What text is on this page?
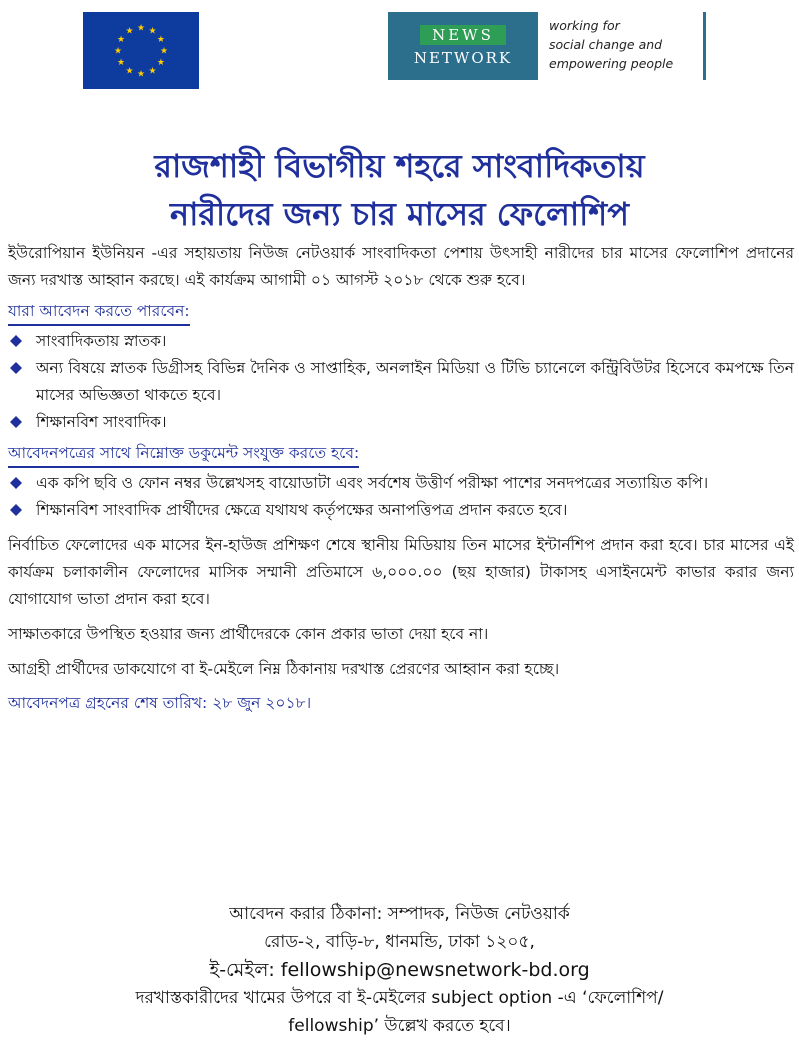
★ ★
★
★
★
★
★
★
★
★
★
★	NEWS
NETWORK
working for
social change and
empowering people
রাজশাহী বিভাগীয় শহরে সাংবাদিকতায়
নারীদের জন্য চার মাসের ফেলোশিপ

ইউরোপিয়ান ইউনিয়ন -এর সহায়তায় নিউজ নেটওয়ার্ক সাংবাদিকতা পেশায় উৎসাহী নারীদের চার মাসের ফেলোশিপ প্রদানের জন্য দরখাস্ত আহ্বান করছে। এই কার্যক্রম আগামী ০১ আগস্ট ২০১৮ থেকে শুরু হবে।

যারা আবেদন করতে পারবেন:
সাংবাদিকতায় স্নাতক।
অন্য বিষয়ে স্নাতক ডিগ্রীসহ বিভিন্ন দৈনিক ও সাপ্তাহিক, অনলাইন মিডিয়া ও টিভি চ্যানেলে কন্ট্রিবিউটর হিসেবে কমপক্ষে তিন মাসের অভিজ্ঞতা থাকতে হবে।
শিক্ষানবিশ সাংবাদিক।
আবেদনপত্রের সাথে নিম্নোক্ত ডকুমেন্ট সংযুক্ত করতে হবে:
এক কপি ছবি ও ফোন নম্বর উল্লেখসহ বায়োডাটা এবং সর্বশেষ উত্তীর্ণ পরীক্ষা পাশের সনদপত্রের সত্যায়িত কপি।
শিক্ষানবিশ সাংবাদিক প্রার্থীদের ক্ষেত্রে যথাযথ কর্তৃপক্ষের অনাপত্তিপত্র প্রদান করতে হবে।

নির্বাচিত ফেলোদের এক মাসের ইন-হাউজ প্রশিক্ষণ শেষে স্থানীয় মিডিয়ায় তিন মাসের ইন্টার্নশিপ প্রদান করা হবে। চার মাসের এই কার্যক্রম চলাকালীন ফেলোদের মাসিক সম্মানী প্রতিমাসে ৬,০০০.০০ (ছয় হাজার) টাকাসহ এসাইনমেন্ট কাভার করার জন্য যোগাযোগ ভাতা প্রদান করা হবে।

সাক্ষাতকারে উপস্থিত হওয়ার জন্য প্রার্থীদেরকে কোন প্রকার ভাতা দেয়া হবে না।

আগ্রহী প্রার্থীদের ডাকযোগে বা ই-মেইলে নিম্ন ঠিকানায় দরখাস্ত প্রেরণের আহ্বান করা হচ্ছে।

আবেদনপত্র গ্রহনের শেষ তারিখ: ২৮ জুন ২০১৮।
আবেদন করার ঠিকানা: সম্পাদক, নিউজ নেটওয়ার্ক
রোড-২, বাড়ি-৮, ধানমন্ডি, ঢাকা ১২০৫,
ই-মেইল: fellowship@newsnetwork-bd.org
দরখাস্তকারীদের খামের উপরে বা ই-মেইলের subject option -এ ‘ফেলোশিপ/
fellowship’ উল্লেখ করতে হবে।
